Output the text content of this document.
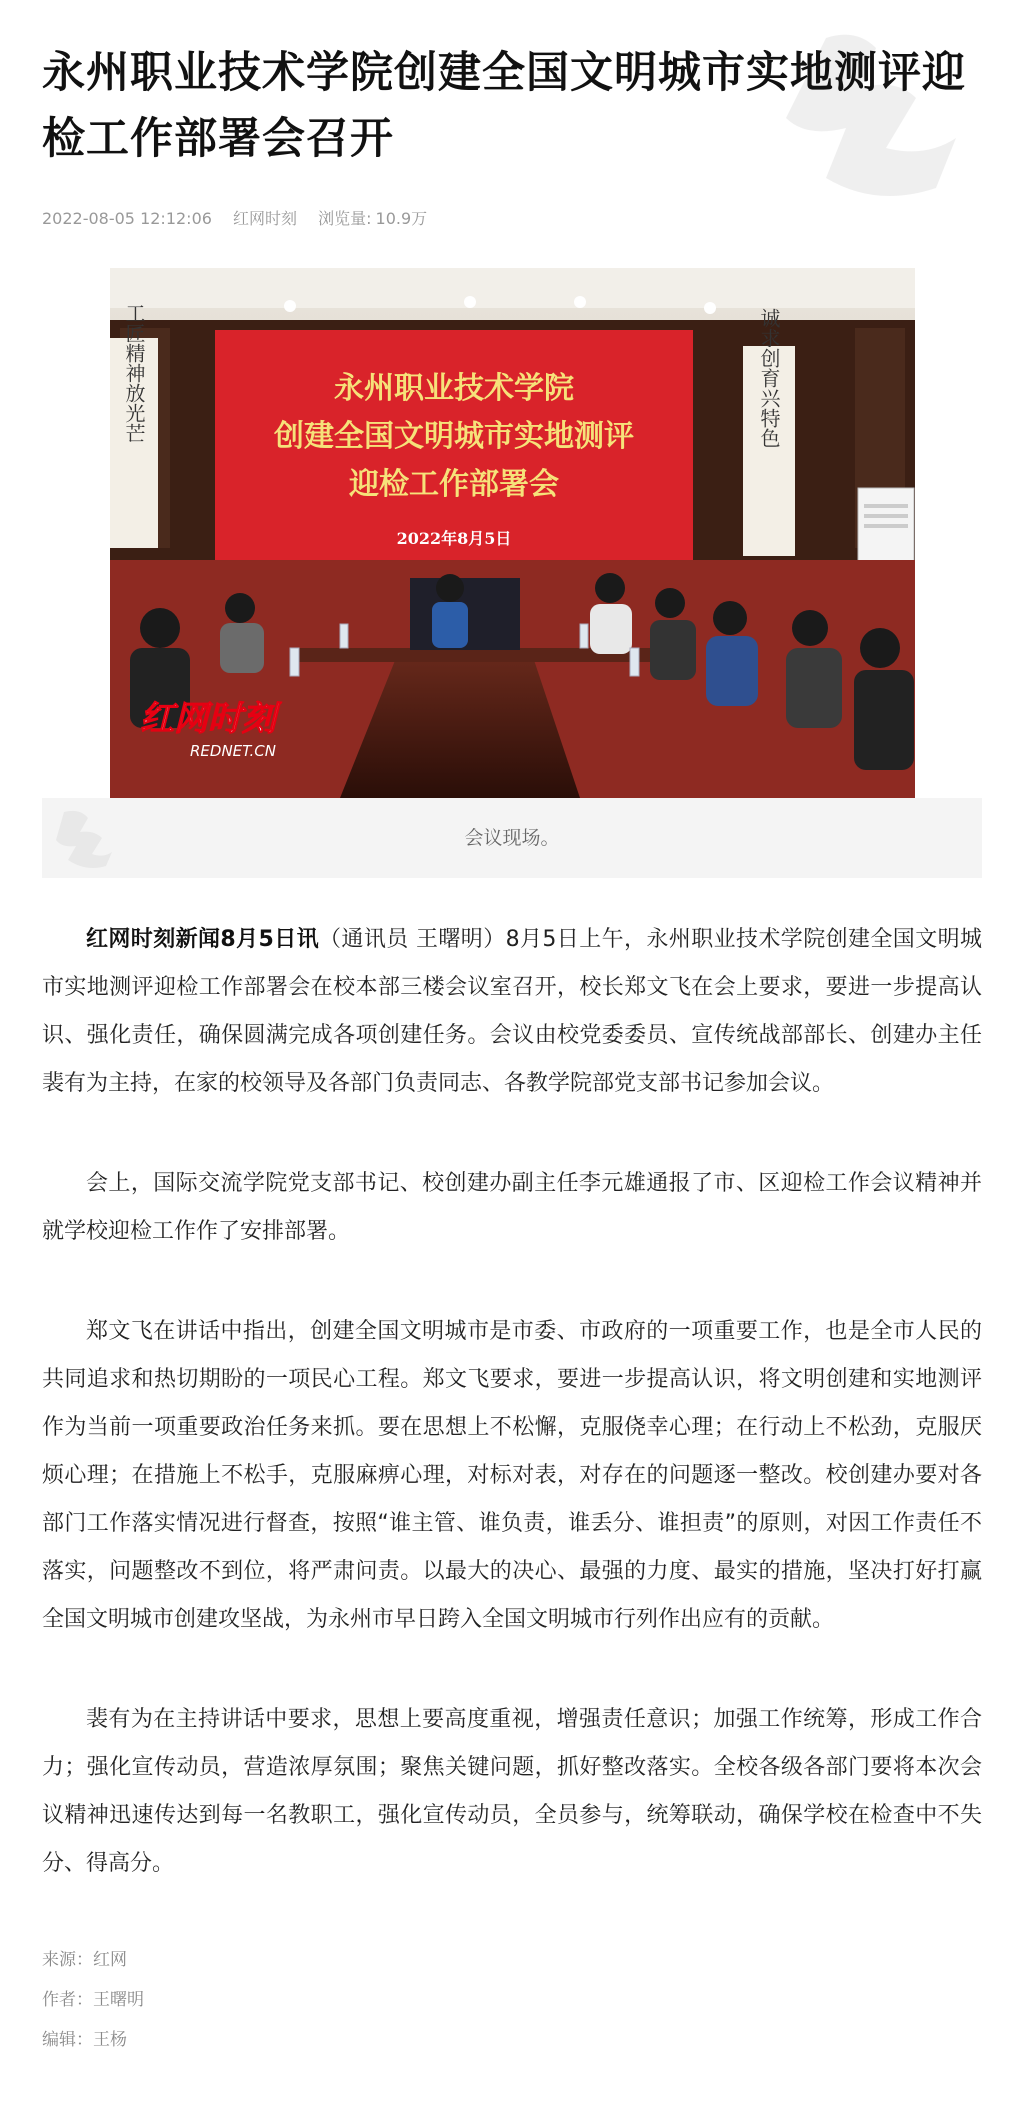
永州职业技术学院创建全国文明城市实地测评迎检工作部署会召开
2022-08-05 12:12:06 红网时刻 浏览量: 10.9万
工匠精神放光芒	诚求创育兴特色
永州职业技术学院
创建全国文明城市实地测评
迎检工作部署会
2022年8月5日
红网时刻
REDNET.CN
会议现场。

红网时刻新闻8月5日讯（通讯员 王曙明）8月5日上午，永州职业技术学院创建全国文明城市实地测评迎检工作部署会在校本部三楼会议室召开，校长郑文飞在会上要求，要进一步提高认识、强化责任，确保圆满完成各项创建任务。会议由校党委委员、宣传统战部部长、创建办主任裴有为主持，在家的校领导及各部门负责同志、各教学院部党支部书记参加会议。

会上，国际交流学院党支部书记、校创建办副主任李元雄通报了市、区迎检工作会议精神并就学校迎检工作作了安排部署。

郑文飞在讲话中指出，创建全国文明城市是市委、市政府的一项重要工作，也是全市人民的共同追求和热切期盼的一项民心工程。郑文飞要求，要进一步提高认识，将文明创建和实地测评作为当前一项重要政治任务来抓。要在思想上不松懈，克服侥幸心理；在行动上不松劲，克服厌烦心理；在措施上不松手，克服麻痹心理，对标对表，对存在的问题逐一整改。校创建办要对各部门工作落实情况进行督查，按照“谁主管、谁负责，谁丢分、谁担责”的原则，对因工作责任不落实，问题整改不到位，将严肃问责。以最大的决心、最强的力度、最实的措施，坚决打好打赢全国文明城市创建攻坚战，为永州市早日跨入全国文明城市行列作出应有的贡献。

裴有为在主持讲话中要求，思想上要高度重视，增强责任意识；加强工作统筹，形成工作合力；强化宣传动员，营造浓厚氛围；聚焦关键问题，抓好整改落实。全校各级各部门要将本次会议精神迅速传达到每一名教职工，强化宣传动员，全员参与，统筹联动，确保学校在检查中不失分、得高分。

来源：红网
作者：王曙明
编辑：王杨
